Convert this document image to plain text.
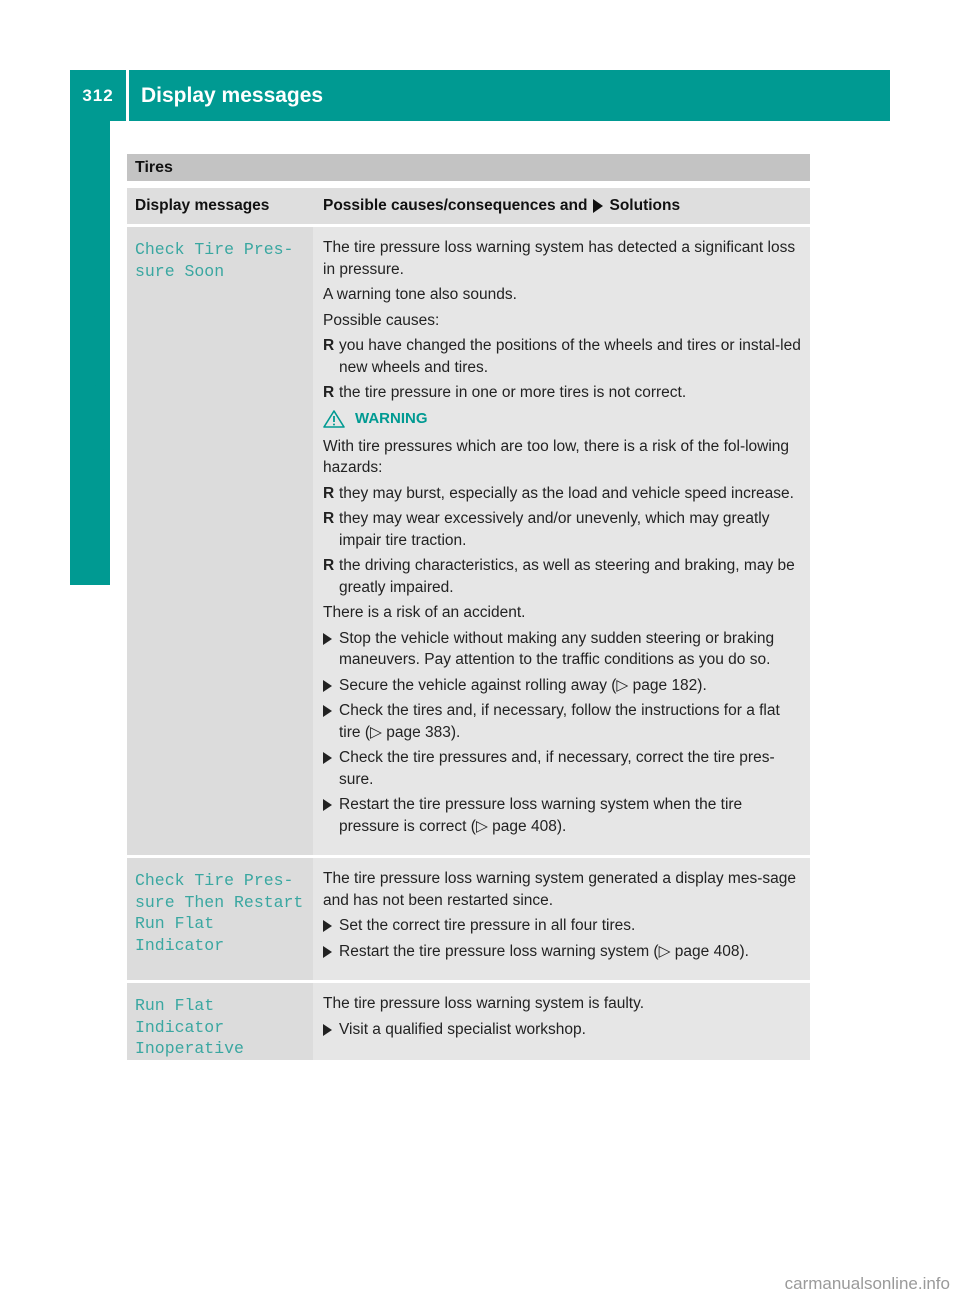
312	Display messages
On-board computer and displays
Tires
Display messages	Possible causes/consequences and Solutions
Check Tire Pres‐
sure Soon
The tire pressure loss warning system has detected a significant loss in pressure.
A warning tone also sounds.
Possible causes:
R you have changed the positions of the wheels and tires or instal-led new wheels and tires.
R the tire pressure in one or more tires is not correct.
WARNING
With tire pressures which are too low, there is a risk of the fol-lowing hazards:
R they may burst, especially as the load and vehicle speed increase.
R they may wear excessively and/or unevenly, which may greatly impair tire traction.
R the driving characteristics, as well as steering and braking, may be greatly impaired.
There is a risk of an accident.
Stop the vehicle without making any sudden steering or braking maneuvers. Pay attention to the traffic conditions as you do so.
Secure the vehicle against rolling away (▷ page 182).
Check the tires and, if necessary, follow the instructions for a flat tire (▷ page 383).
Check the tire pressures and, if necessary, correct the tire pres-sure.
Restart the tire pressure loss warning system when the tire pressure is correct (▷ page 408).
Check Tire Pres‐
sure Then Restart
Run Flat Indicator
The tire pressure loss warning system generated a display mes-sage and has not been restarted since.
Set the correct tire pressure in all four tires.
Restart the tire pressure loss warning system (▷ page 408).
Run Flat Indicator
Inoperative
The tire pressure loss warning system is faulty.
Visit a qualified specialist workshop.
carmanualsonline.info
